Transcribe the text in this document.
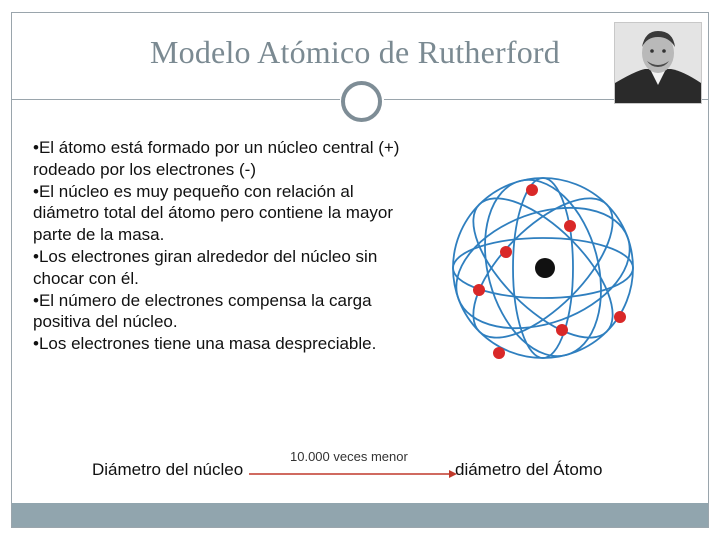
Modelo Atómico de Rutherford
•El átomo está formado por un núcleo central (+) rodeado por los electrones (-)
•El núcleo es muy pequeño con relación al diámetro total del átomo pero contiene la mayor parte de la masa.
•Los electrones giran alrededor del núcleo sin chocar con él.
•El número de electrones compensa la carga positiva del núcleo.
•Los electrones tiene una masa despreciable.
Diámetro del núcleo
10.000 veces menor
diámetro del Átomo
